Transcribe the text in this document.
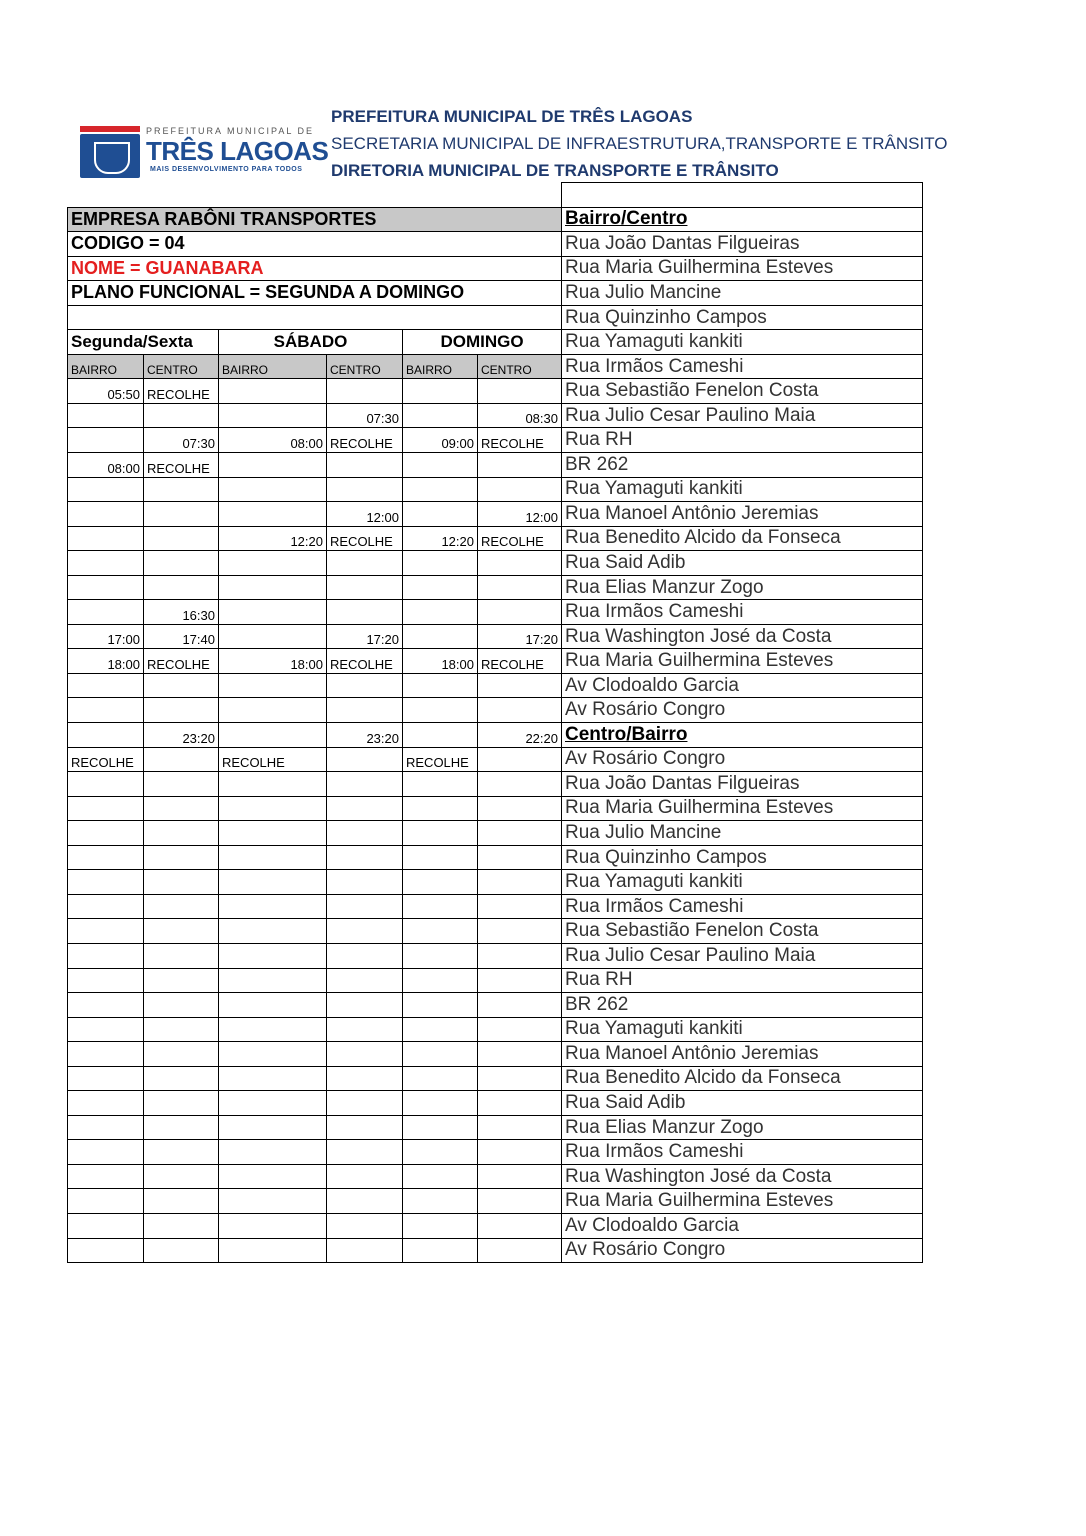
PREFEITURA MUNICIPAL DE
TRÊS LAGOAS
MAIS DESENVOLVIMENTO PARA TODOS
PREFEITURA MUNICIPAL DE TRÊS LAGOAS
SECRETARIA MUNICIPAL DE INFRAESTRUTURA,TRANSPORTE E TRÂNSITO
DIRETORIA MUNICIPAL DE TRANSPORTE E TRÂNSITO

EMPRESA RABÔNI TRANSPORTES						Bairro/Centro
CODIGO = 04						Rua João Dantas Filgueiras
NOME = GUANABARA						Rua Maria Guilhermina Esteves
PLANO FUNCIONAL = SEGUNDA A DOMINGO						Rua Julio Mancine
						Rua Quinzinho Campos
Segunda/Sexta		SÁBADO		DOMINGO		Rua Yamaguti kankiti
BAIRRO	CENTRO	BAIRRO	CENTRO	BAIRRO	CENTRO	Rua Irmãos Cameshi
05:50	RECOLHE					Rua Sebastião Fenelon Costa
			07:30		08:30	Rua Julio Cesar Paulino Maia
	07:30	08:00	RECOLHE	09:00	RECOLHE	Rua RH
08:00	RECOLHE					BR 262
						Rua Yamaguti kankiti
			12:00		12:00	Rua Manoel Antônio Jeremias
		12:20	RECOLHE	12:20	RECOLHE	Rua Benedito Alcido da Fonseca
						Rua Said Adib
						Rua Elias Manzur Zogo
	16:30					Rua Irmãos Cameshi
17:00	17:40		17:20		17:20	Rua Washington José da Costa
18:00	RECOLHE	18:00	RECOLHE	18:00	RECOLHE	Rua Maria Guilhermina Esteves
						Av Clodoaldo Garcia
						Av Rosário Congro
	23:20		23:20		22:20	Centro/Bairro
RECOLHE		RECOLHE		RECOLHE		Av Rosário Congro
						Rua João Dantas Filgueiras
						Rua Maria Guilhermina Esteves
						Rua Julio Mancine
						Rua Quinzinho Campos
						Rua Yamaguti kankiti
						Rua Irmãos Cameshi
						Rua Sebastião Fenelon Costa
						Rua Julio Cesar Paulino Maia
						Rua RH
						BR 262
						Rua Yamaguti kankiti
						Rua Manoel Antônio Jeremias
						Rua Benedito Alcido da Fonseca
						Rua Said Adib
						Rua Elias Manzur Zogo
						Rua Irmãos Cameshi
						Rua Washington José da Costa
						Rua Maria Guilhermina Esteves
						Av Clodoaldo Garcia
						Av Rosário Congro
